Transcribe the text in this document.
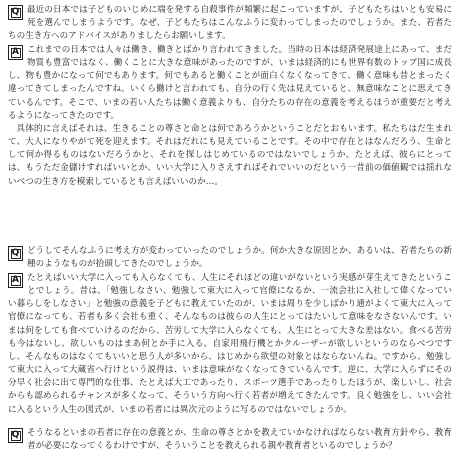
Q 最近の日本では子どものいじめに端を発する自殺事件が頻繁に起こっていますが、子どもたちはいとも安易に死を選んでしまうようです。なぜ、子どもたちはこんなふうに変わってしまったのでしょうか。また、若者たちの生き方へのアドバイスがありましたらお願いします。

A これまでの日本では人々は働き、働きとばかり言われてきました。当時の日本は経済発展途上にあって、まだ物質も豊富ではなく、働くことに大きな意味があったのですが、いまは経済的にも世界有数のトップ国に成長し、物も豊かになって何でもあります。何でもあると働くことが面白くなくなってきて、働く意味も昔とまったく違ってきてしまったんですね。いくら働けと言われても、自分の行く先は見えていると、無意味なことに思えてきているんです。そこで、いまの若い人たちは働く意義よりも、自分たちの存在の意義を考えるほうが重要だと考えるようになってきたのです。

具体的に言えばそれは、生きることの尊さと命とは何であろうかということだとおもいます。私たちはだ生まれて、大人になりやがて死を迎えます。それはだれにも見えていることです。その中で存在とはなんだろう、生命として何か得るものはないだろうかと、それを探しはじめているのではないでしょうか。たとえば、彼らにとっては、もうただ金儲けすればいいとか、いい大学に入りさえすればそれでいいのだという一昔前の価値観では揺れないべつの生き方を模索しているとも言えばいいのか…。

Q どうしてそんなふうに考え方が変わっていったのでしょうか。何か大きな原因とか、あるいは、若者たちの新種のようなものが拾頭してきたのでしょうか。

A たとえばいい大学に入っても入らなくても、人生にそれほどの違いがないという実感が芽生えてきたということでしょう。昔は、「勉強しなさい、勉強して東大に入って官僚になるか、一流会社に入社して偉くなっていい暮らしをしなさい」と勉強の意義を子どもに教えていたのが、いまは周りを少しばかり通がよくて東大に入って官僚になっても、若者も多く会社も重く、そんなものは彼らの人生にとってはたいして意味をなさないんです。いまは何をしても食べていけるのだから、苦労して大学に入らなくても、人生にとって大きな差はない。食べる苦労も今はないし、欲しいものはまあ何とか手に入る。自家用飛行機とかクルーザーが欲しいというのならべつですし、そんなものはなくてもいいと思う人が多いから、はじめから欲望の対象とはならないんね。ですから、勉強して東大に入って大蔵省へ行けという説得は、いまは意味がなくなってきているんです。逆に、大学に入らずにその分早く社会に出て専門的な仕事、たとえば大工であったり、スポーツ選手であったりしたほうが、楽しいし、社会からも認められるチャンスが多くなって、そういう方向へ行く若者が増えてきたんです。良く勉強をし、いい会社に入るという人生の図式が、いまの若者には異次元のように写るのではないでしょうか。

Q そうなるといまの若者に存在の意義とか、生命の尊さとかを教えていかなければならない教育方針やら、教育者が必要になってくるわけですが、そういうことを教えられる親や教育者といるのでしょうか？
